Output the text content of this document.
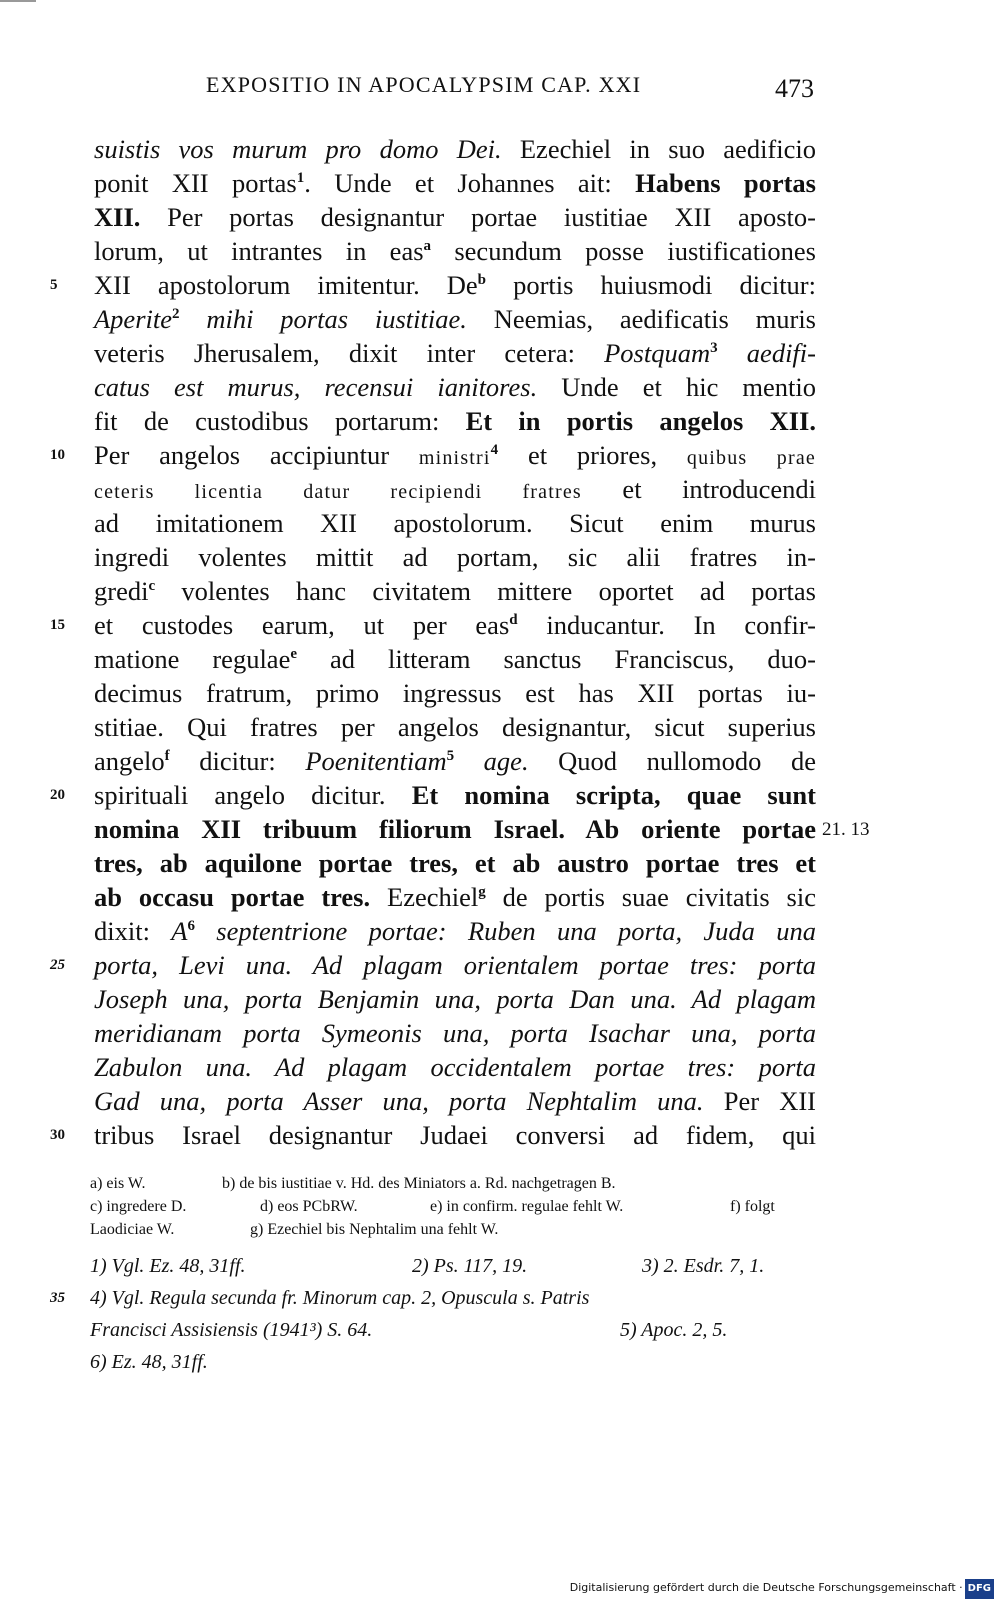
EXPOSITIO IN APOCALYPSIM CAP. XXI	473
suistis vos murum pro domo Dei. Ezechiel in suo aedificio
ponit XII portas$^1$. Unde et Johannes ait: Habens portas
XII. Per portas designantur portae iustitiae XII aposto-
lorum, ut intrantes in eas$^a$ secundum posse iustificationes
5	XII apostolorum imitentur. De$^b$ portis huiusmodi dicitur:
Aperite$^2$ mihi portas iustitiae. Neemias, aedificatis muris
veteris Jherusalem, dixit inter cetera: Postquam$^3$ aedifi-
catus est murus, recensui ianitores. Unde et hic mentio
fit de custodibus portarum: Et in portis angelos XII.
10	Per angelos accipiuntur ministri$^4$ et priores, quibus prae
ceteris licentia datur recipiendi fratres et introducendi
ad imitationem XII apostolorum. Sicut enim murus
ingredi volentes mittit ad portam, sic alii fratres in-
gredi$^c$ volentes hanc civitatem mittere oportet ad portas
15	et custodes earum, ut per eas$^d$ inducantur. In confir-
matione regulae$^e$ ad litteram sanctus Franciscus, duo-
decimus fratrum, primo ingressus est has XII portas iu-
stitiae. Qui fratres per angelos designantur, sicut superius
angelo$^f$ dicitur: Poenitentiam$^5$ age. Quod nullomodo de
20	spirituali angelo dicitur. Et nomina scripta, quae sunt
nomina XII tribuum filiorum Israel. Ab oriente portae 21. 13
tres, ab aquilone portae tres, et ab austro portae tres et
ab occasu portae tres. Ezechiel$^g$ de portis suae civitatis sic
dixit: $A^6$ septentrione portae: Ruben una porta, Juda una
25	porta, Levi una. Ad plagam orientalem portae tres: porta
Joseph una, porta Benjamin una, porta Dan una. Ad plagam
meridianam porta Symeonis una, porta Isachar una, porta
Zabulon una. Ad plagam occidentalem portae tres: porta
Gad una, porta Asser una, porta Nephtalim una. Per XII
30	tribus Israel designantur Judaei conversi ad fidem, qui
a) eis W.	b) de bis iustitiae v. Hd. des Miniators a. Rd. nachgetragen B.
c) ingredere D.	d) eos PCbRW.	e) in confirm. regulae fehlt W.	f) folgt
Laodiciae W.	g) Ezechiel bis Nephtalim una fehlt W.
1) Vgl. Ez. 48, 31ff.	2) Ps. 117, 19.	3) 2. Esdr. 7, 1.
35	4) Vgl. Regula secunda fr. Minorum cap. 2, Opuscula s. Patris
Francisci Assisiensis (1941³) S. 64.	5) Apoc. 2, 5.
6) Ez. 48, 31ff.
Digitalisierung gefördert durch die Deutsche Forschungsgemeinschaft · DFG
